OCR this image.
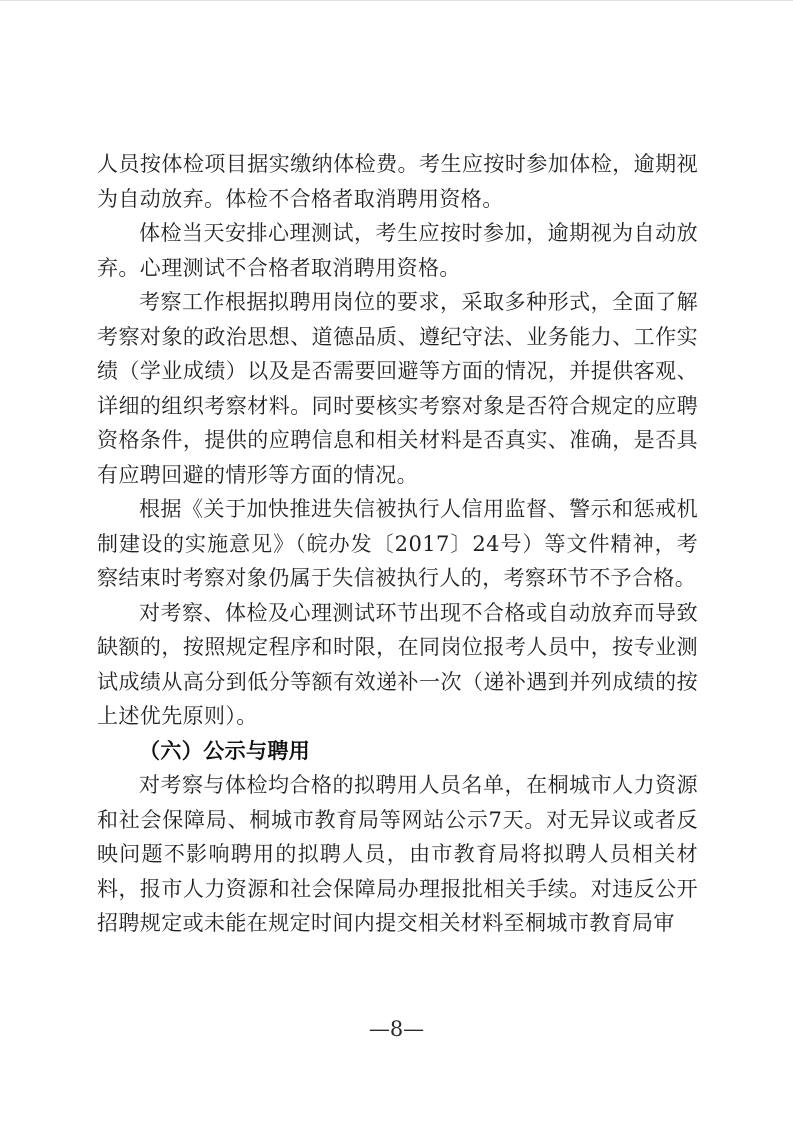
人员按体检项目据实缴纳体检费。考生应按时参加体检，逾期视为自动放弃。体检不合格者取消聘用资格。

体检当天安排心理测试，考生应按时参加，逾期视为自动放弃。心理测试不合格者取消聘用资格。

考察工作根据拟聘用岗位的要求，采取多种形式，全面了解考察对象的政治思想、道德品质、遵纪守法、业务能力、工作实绩（学业成绩）以及是否需要回避等方面的情况，并提供客观、详细的组织考察材料。同时要核实考察对象是否符合规定的应聘资格条件，提供的应聘信息和相关材料是否真实、准确，是否具有应聘回避的情形等方面的情况。

根据《关于加快推进失信被执行人信用监督、警示和惩戒机制建设的实施意见》（皖办发〔2017〕24号）等文件精神，考察结束时考察对象仍属于失信被执行人的，考察环节不予合格。

对考察、体检及心理测试环节出现不合格或自动放弃而导致缺额的，按照规定程序和时限，在同岗位报考人员中，按专业测试成绩从高分到低分等额有效递补一次（递补遇到并列成绩的按上述优先原则）。

（六）公示与聘用

对考察与体检均合格的拟聘用人员名单，在桐城市人力资源和社会保障局、桐城市教育局等网站公示7天。对无异议或者反映问题不影响聘用的拟聘人员，由市教育局将拟聘人员相关材料，报市人力资源和社会保障局办理报批相关手续。对违反公开招聘规定或未能在规定时间内提交相关材料至桐城市教育局审

—8—
